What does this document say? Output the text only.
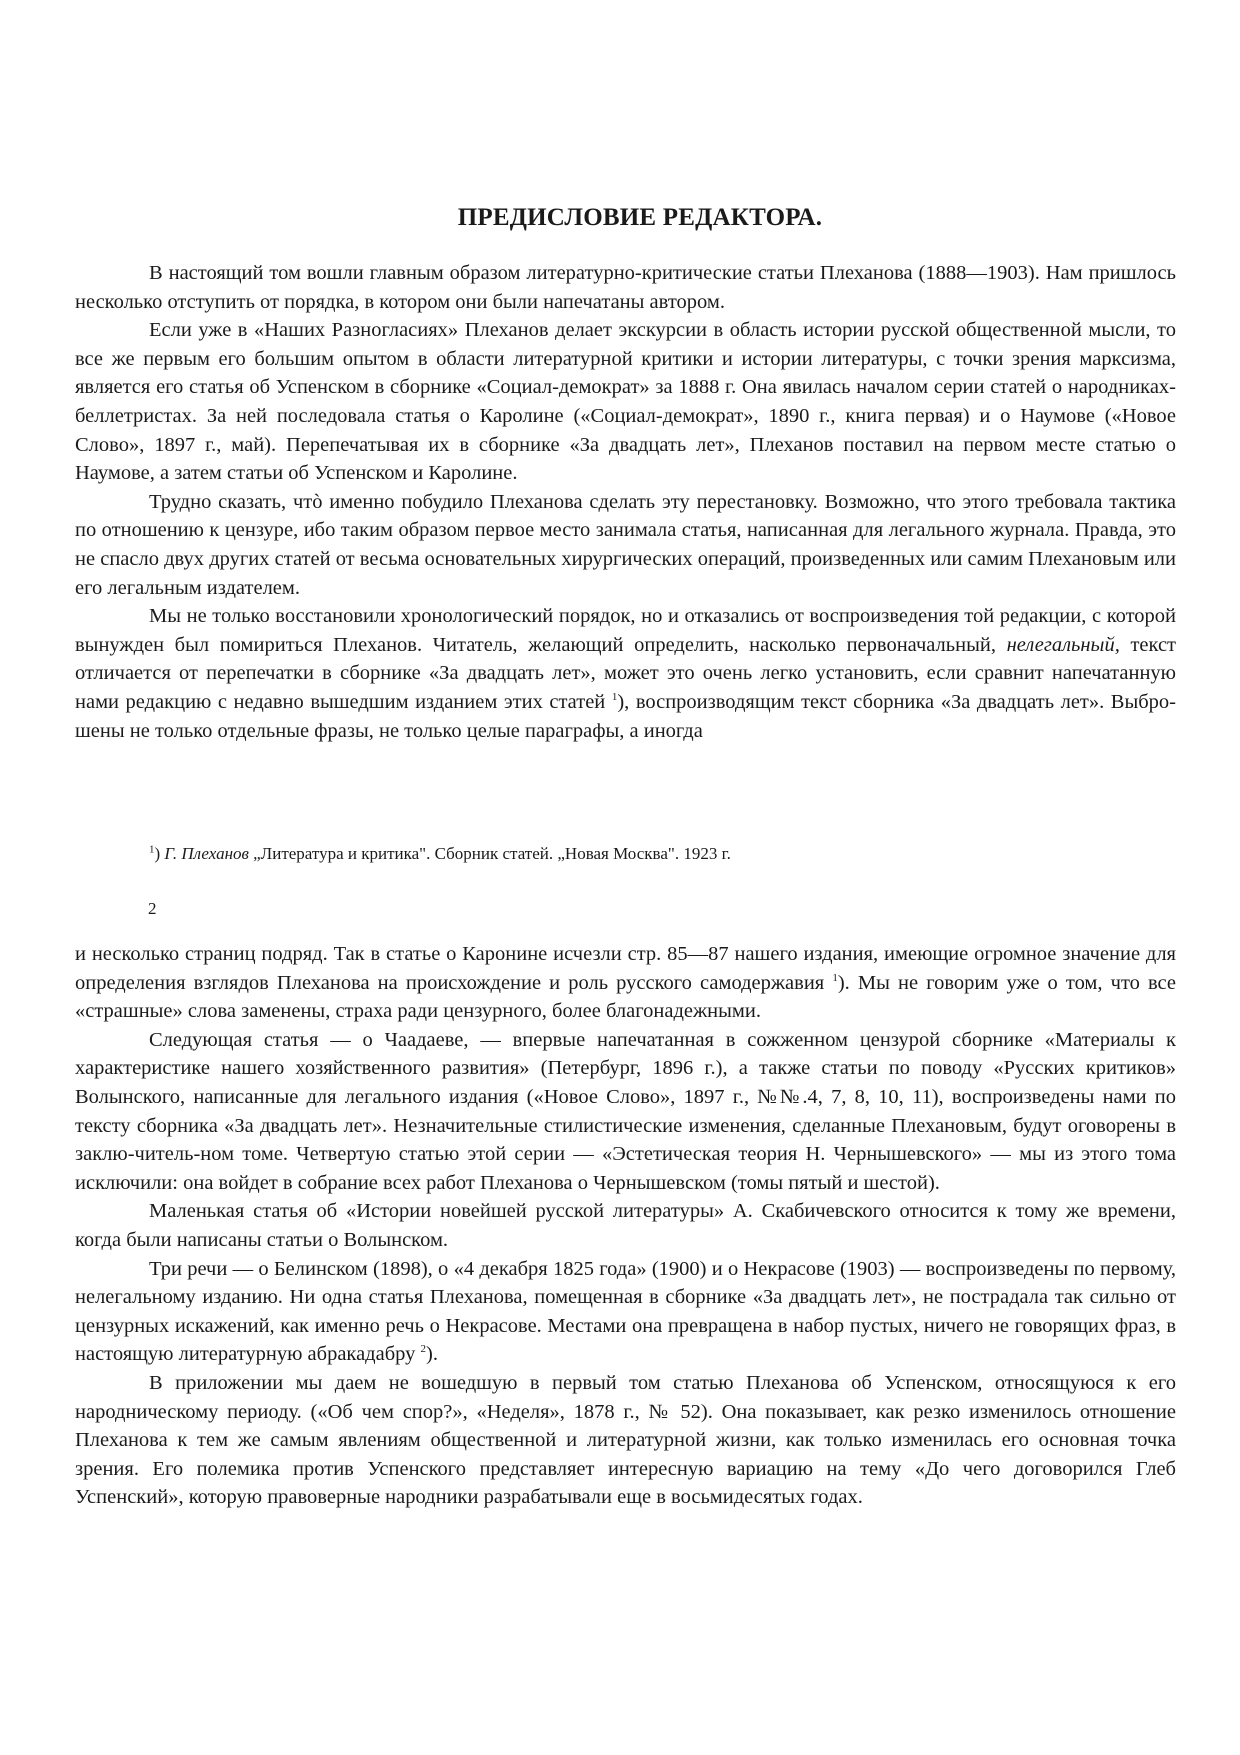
ПРЕДИСЛОВИЕ РЕДАКТОРА.

В настоящий том вошли главным образом литературно-критические статьи Плеханова (1888—1903). Нам пришлось несколько отступить от порядка, в котором они были напечатаны автором.

Если уже в «Наших Разногласиях» Плеханов делает экскурсии в область истории русской общественной мысли, то все же первым его большим опытом в области литературной критики и истории литературы, с точки зрения марксизма, является его статья об Успенском в сборнике «Социал-демократ» за 1888 г. Она явилась началом серии статей о народниках-беллетристах. За ней последовала статья о Каролине («Социал-демократ», 1890 г., книга первая) и о Наумове («Новое Слово», 1897 г., май). Перепечатывая их в сборнике «За двадцать лет», Плеханов поставил на первом месте статью о Наумове, а затем статьи об Успенском и Каролине.

Трудно сказать, чтò именно побудило Плеханова сделать эту перестановку. Возможно, что этого требовала тактика по отношению к цензуре, ибо таким образом первое место занимала статья, написанная для легального журнала. Правда, это не спасло двух других статей от весьма основательных хирургических операций, произведенных или самим Плехановым или его легальным издателем.

Мы не только восстановили хронологический порядок, но и отказались от воспроизведения той редакции, с которой вынужден был помириться Плеханов. Читатель, желающий определить, насколько первоначальный, нелегальный, текст отличается от перепечатки в сборнике «За двадцать лет», может это очень легко установить, если сравнит напечатанную нами редакцию с недавно вышедшим изданием этих статей $^1$), воспроизводящим текст сборника «За двадцать лет». Выбро-шены не только отдельные фразы, не только целые параграфы, а иногда

$^1$) Г. Плеханов „Литература и критика". Сборник статей. „Новая Москва". 1923 г.
2

и несколько страниц подряд. Так в статье о Каронине исчезли стр. 85—87 нашего издания, имеющие огромное значение для определения взглядов Плеханова на происхождение и роль русского самодержавия $^1$). Мы не говорим уже о том, что все «страшные» слова заменены, страха ради цензурного, более благонадежными.

Следующая статья — о Чаадаеве, — впервые напечатанная в сожженном цензурой сборнике «Материалы к характеристике нашего хозяйственного развития» (Петербург, 1896 г.), а также статьи по поводу «Русских критиков» Волынского, написанные для легального издания («Новое Слово», 1897 г., №№.4, 7, 8, 10, 11), воспроизведены нами по тексту сборника «За двадцать лет». Незначительные стилистические изменения, сделанные Плехановым, будут оговорены в заклю-читель-ном томе. Четвертую статью этой серии — «Эстетическая теория Н. Чернышевского» — мы из этого тома исключили: она войдет в собрание всех работ Плеханова о Чернышевском (томы пятый и шестой).

Маленькая статья об «Истории новейшей русской литературы» А. Скабичевского относится к тому же времени, когда были написаны статьи о Волынском.

Три речи — о Белинском (1898), о «4 декабря 1825 года» (1900) и о Некрасове (1903) — воспроизведены по первому, нелегальному изданию. Ни одна статья Плеханова, помещенная в сборнике «За двадцать лет», не пострадала так сильно от цензурных искажений, как именно речь о Некрасове. Местами она превращена в набор пустых, ничего не говорящих фраз, в настоящую литературную абракадабру $^2$).

В приложении мы даем не вошедшую в первый том статью Плеханова об Успенском, относящуюся к его народническому периоду. («Об чем спор?», «Неделя», 1878 г., № 52). Она показывает, как резко изменилось отношение Плеханова к тем же самым явлениям общественной и литературной жизни, как только изменилась его основная точка зрения. Его полемика против Успенского представляет интересную вариацию на тему «До чего договорился Глеб Успенский», которую правоверные народники разрабатывали еще в восьмидесятых годах.
